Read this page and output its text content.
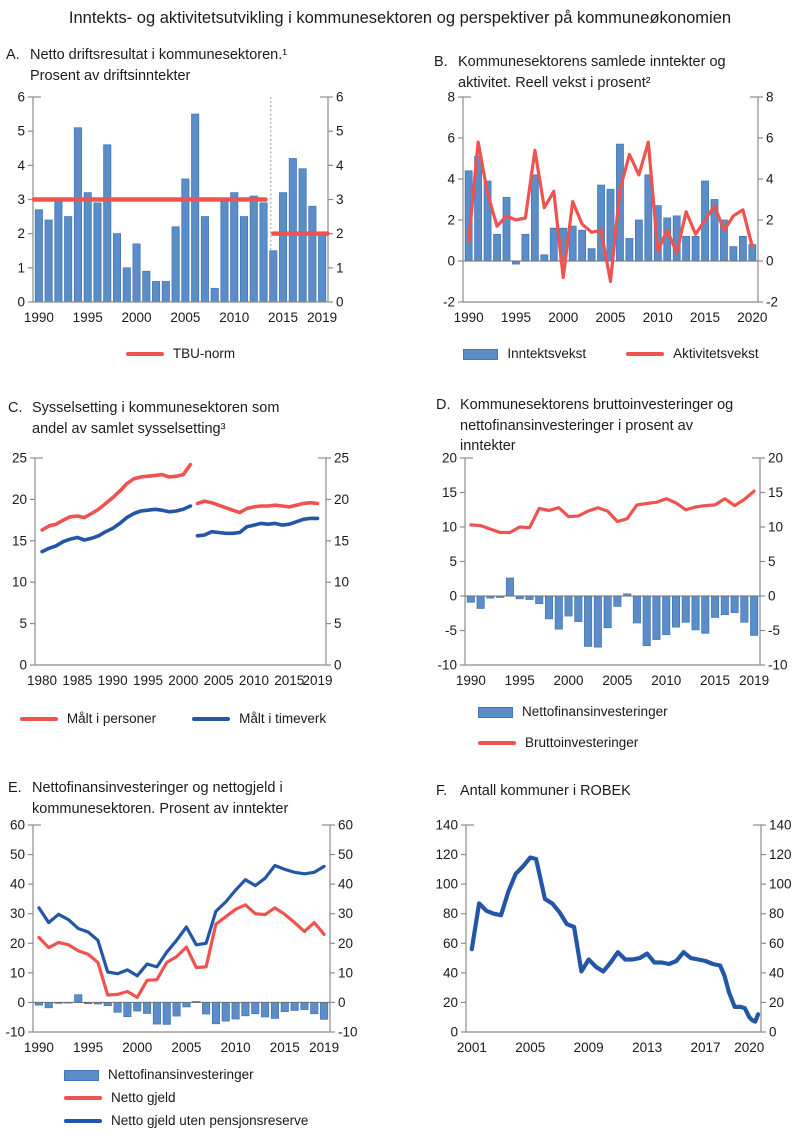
Inntekts- og aktivitetsutvikling i kommunesektoren og perspektiver på kommuneøkonomien
A. Netto driftsresultat i kommunesektoren.¹
Prosent av driftsinntekter
TBU-norm
B. Kommunesektorens samlede inntekter og
aktivitet. Reell vekst i prosent²
Inntektsvekst	Aktivitetsvekst
C. Sysselsetting i kommunesektoren som
andel av samlet sysselsetting³
Målt i personer	Målt i timeverk
D. Kommunesektorens bruttoinvesteringer og
nettofinansinvesteringer i prosent av
inntekter
Nettofinansinvesteringer
Bruttoinvesteringer
E. Nettofinansinvesteringer og nettogjeld i
kommunesektoren. Prosent av inntekter
Nettofinansinvesteringer
Netto gjeld
Netto gjeld uten pensjonsreserve
F. Antall kommuner i ROBEK
0	0
1	1
2	2
3	3
4	4
5	5
6	6
1990 1995 2000 2005 2010 2015 2019
-2	-2
0	0
2	2
4	4
6	6
8	8
1990 1995 2000 2005 2010 2015 2020
0	0
5	5
10	10
15	15
20	20
25	25
1980 1985 1990 1995 2000 2005 2010 2015
2019
-10	-10
-5	-5
0	0
5	5
10	10
15	15
20	20
1990 1995 2000 2005 2010 2015 2019
-10	-10
0	0
10	10
20	20
30	30
40	40
50	50
60	60
1990 1995 2000 2005 2010 2015 2019
0	0
20	20
40	40
60	60
80	80
100	100
120	120
140	140
2001 2005 2009 2013 2017 2020
